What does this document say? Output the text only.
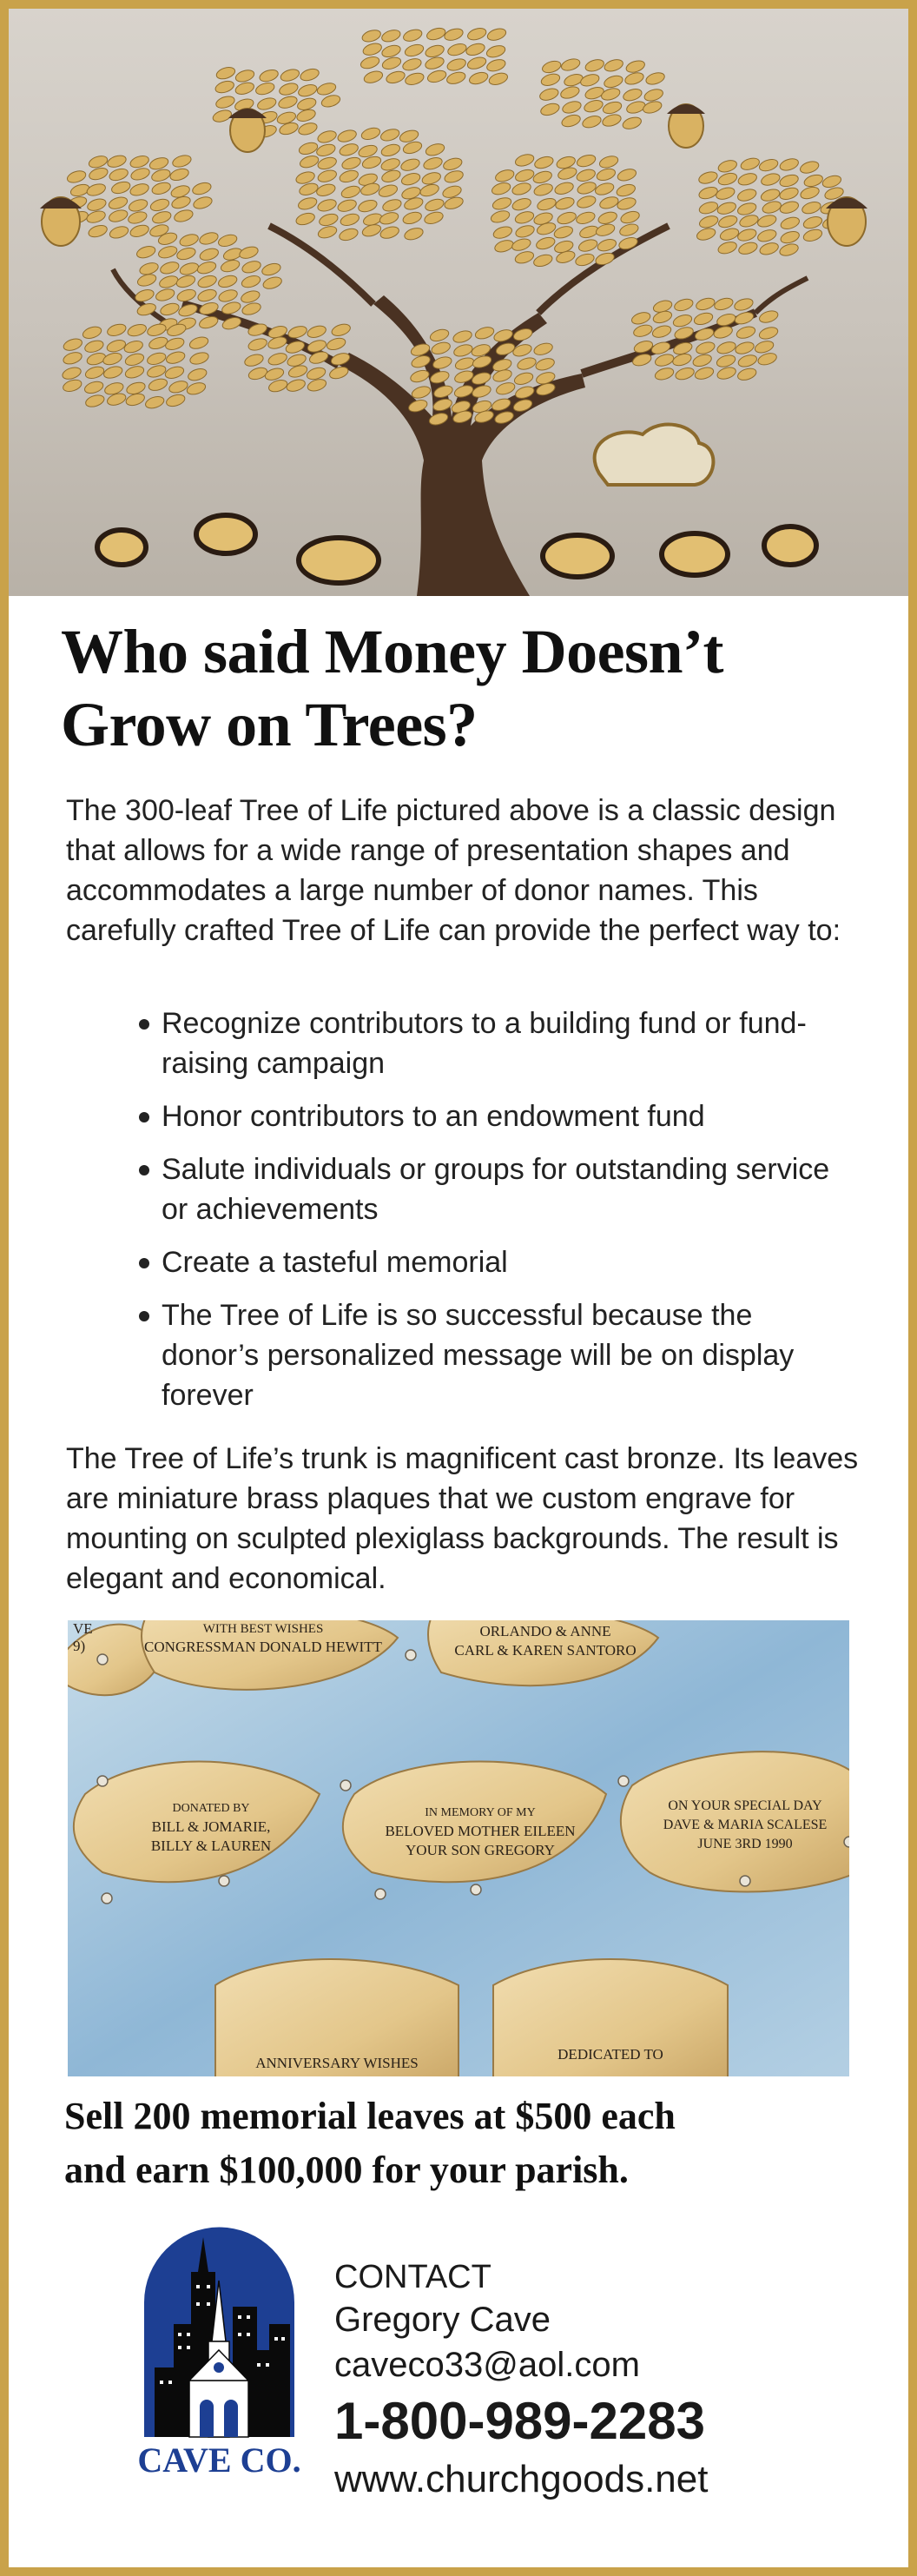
Who said Money Doesn’t
Grow on Trees?
The 300-leaf Tree of Life pictured above is a classic design that allows for a wide range of presentation shapes and accommodates a large number of donor names. This carefully crafted Tree of Life can provide the perfect way to:
Recognize contributors to a building fund or fund-raising campaign
Honor contributors to an endowment fund
Salute individuals or groups for outstanding service or achievements
Create a tasteful memorial
The Tree of Life is so successful because the donor’s personalized message will be on display forever
The Tree of Life’s trunk is magnificent cast bronze. Its leaves are miniature brass plaques that we custom engrave for mounting on sculpted plexiglass backgrounds. The result is elegant and economical.
VE
9)
WITH BEST WISHES
CONGRESSMAN DONALD HEWITT
ORLANDO & ANNE
CARL & KAREN SANTORO
DONATED BY
BILL & JOMARIE,
BILLY & LAUREN
IN MEMORY OF MY
BELOVED MOTHER EILEEN
YOUR SON GREGORY
ON YOUR SPECIAL DAY
DAVE & MARIA SCALESE
JUNE 3RD 1990
ANNIVERSARY WISHES
DEDICATED TO
Sell 200 memorial leaves at $500 each
and earn $100,000 for your parish.
CAVE CO.
CONTACT
Gregory Cave
caveco33@aol.com
1-800-989-2283
www.churchgoods.net
